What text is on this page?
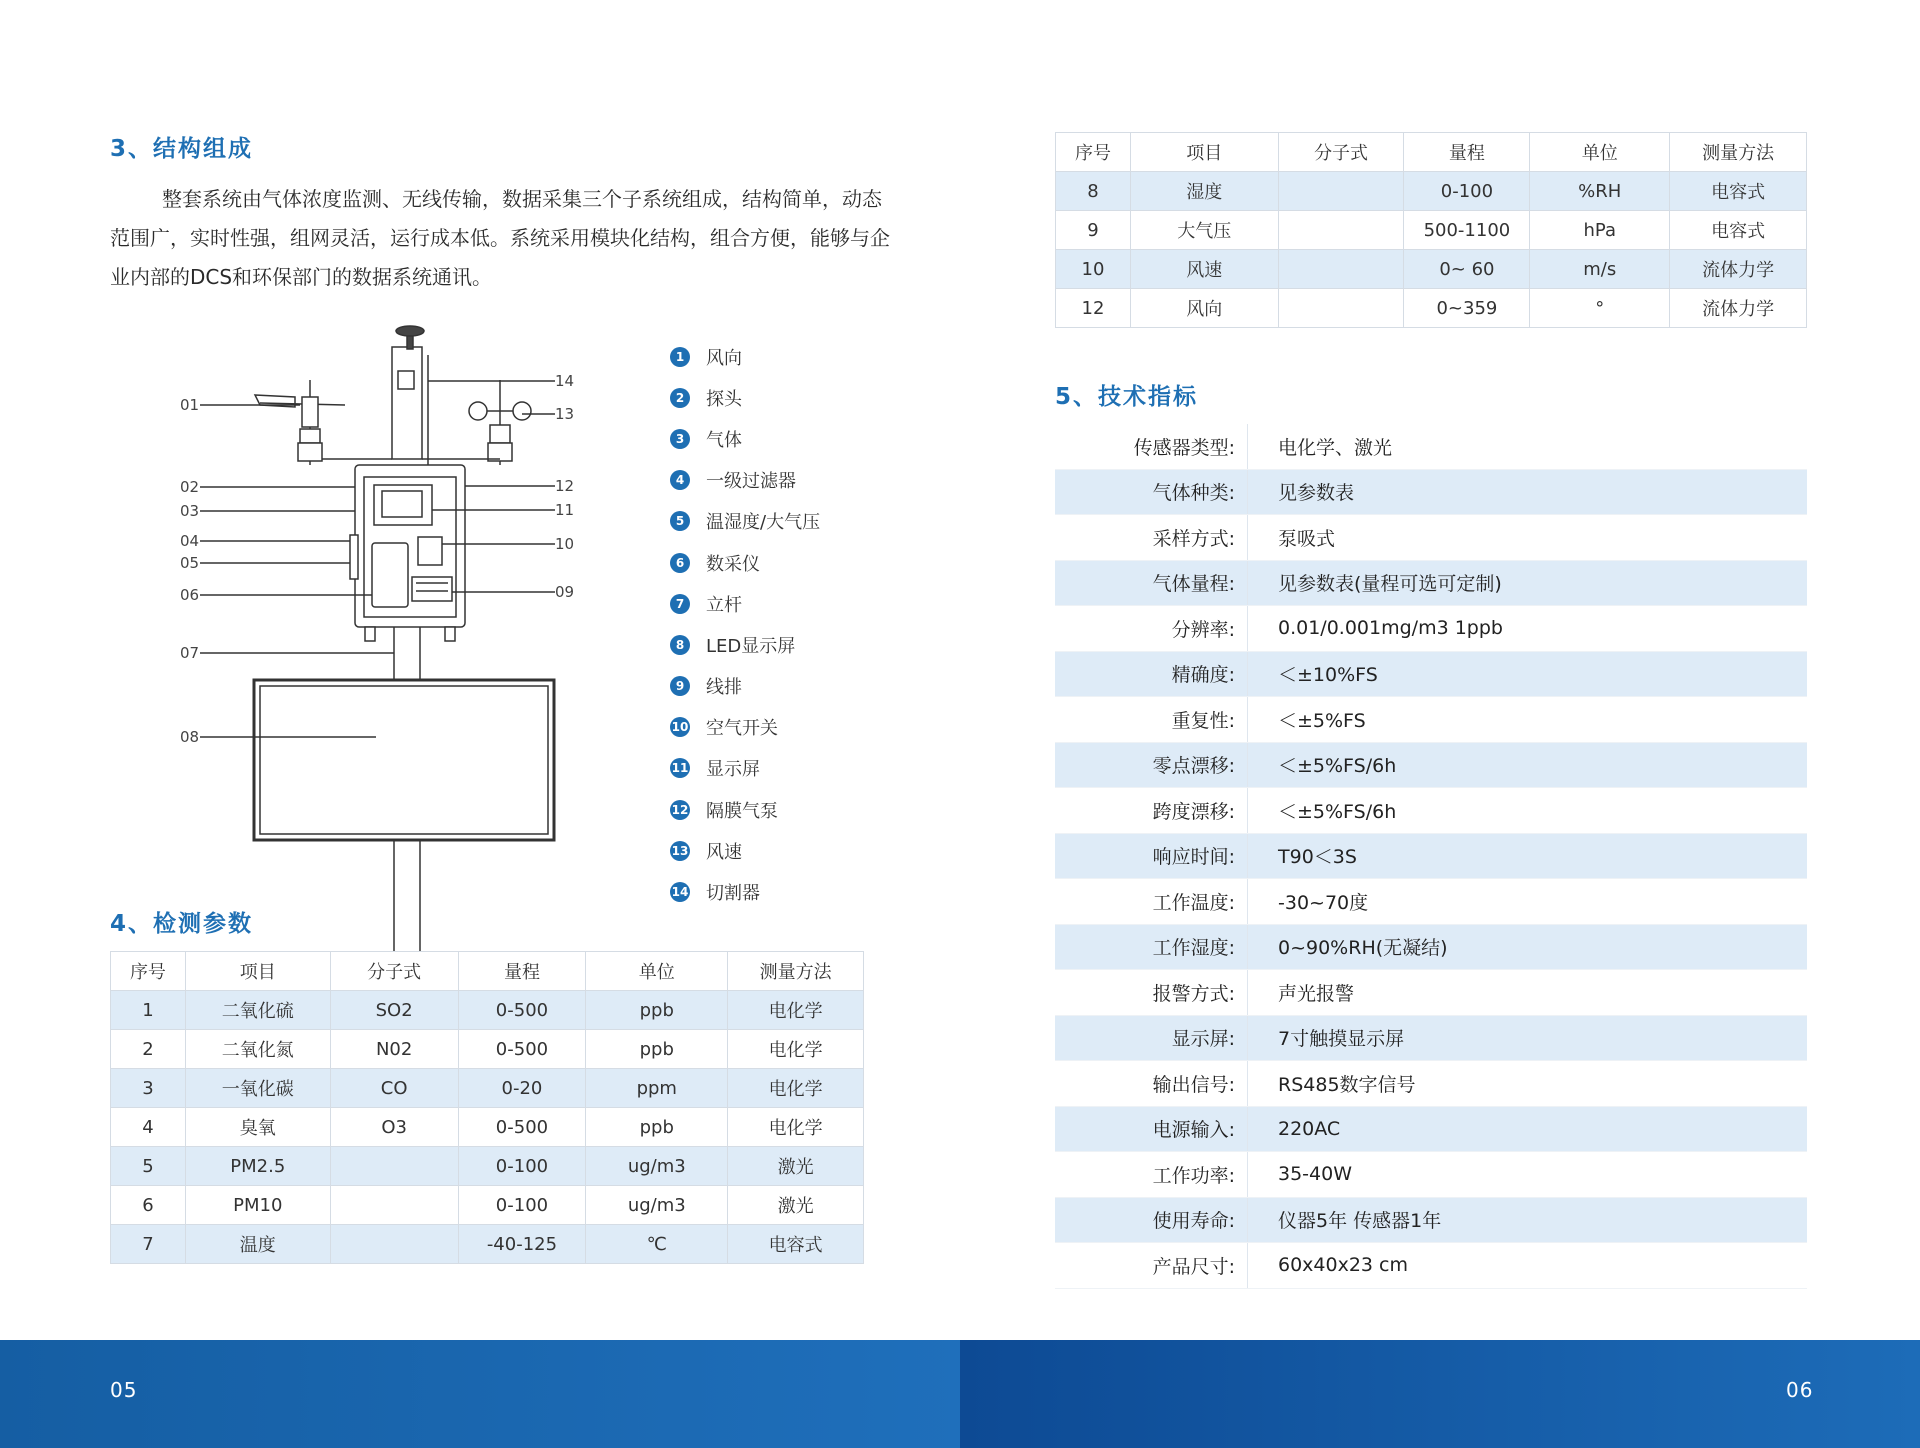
3、结构组成
整套系统由气体浓度监测、无线传输，数据采集三个子系统组成，结构简单，动态范围广，实时性强，组网灵活，运行成本低。系统采用模块化结构，组合方便，能够与企业内部的DCS和环保部门的数据系统通讯。
01
02
03
04
05
06
07
08
09
10
11
12
13
14
1	风向
2	探头
3	气体
4	一级过滤器
5	温湿度/大气压
6	数采仪
7	立杆
8	LED显示屏
9	线排
10 空气开关
11 显示屏
12 隔膜气泵
13 风速
14 切割器
4、检测参数
序号	项目	分子式	量程	单位	测量方法
1	二氧化硫	SO2	0-500	ppb	电化学
2	二氧化氮	N02	0-500	ppb	电化学
3	一氧化碳	CO	0-20	ppm	电化学
4	臭氧	O3	0-500	ppb	电化学
5	PM2.5		0-100	ug/m3	激光
6	PM10		0-100	ug/m3	激光
7	温度		-40-125	℃	电容式
序号	项目	分子式	量程	单位	测量方法
8	湿度		0-100	%RH	电容式
9	大气压		500-1100	hPa	电容式
10	风速		0~ 60	m/s	流体力学
12	风向		0~359	°	流体力学
5、技术指标
传感器类型:	电化学、激光
气体种类:	见参数表
采样方式:	泵吸式
气体量程:	见参数表(量程可选可定制)
分辨率:	0.01/0.001mg/m3 1ppb
精确度:	＜±10%FS
重复性:	＜±5%FS
零点漂移:	＜±5%FS/6h
跨度漂移:	＜±5%FS/6h
响应时间:	T90＜3S
工作温度:	-30~70度
工作湿度:	0~90%RH(无凝结)
报警方式:	声光报警
显示屏:	7寸触摸显示屏
输出信号:	RS485数字信号
电源输入:	220AC
工作功率:	35-40W
使用寿命:	仪器5年 传感器1年
产品尺寸:	60x40x23 cm
05	06
